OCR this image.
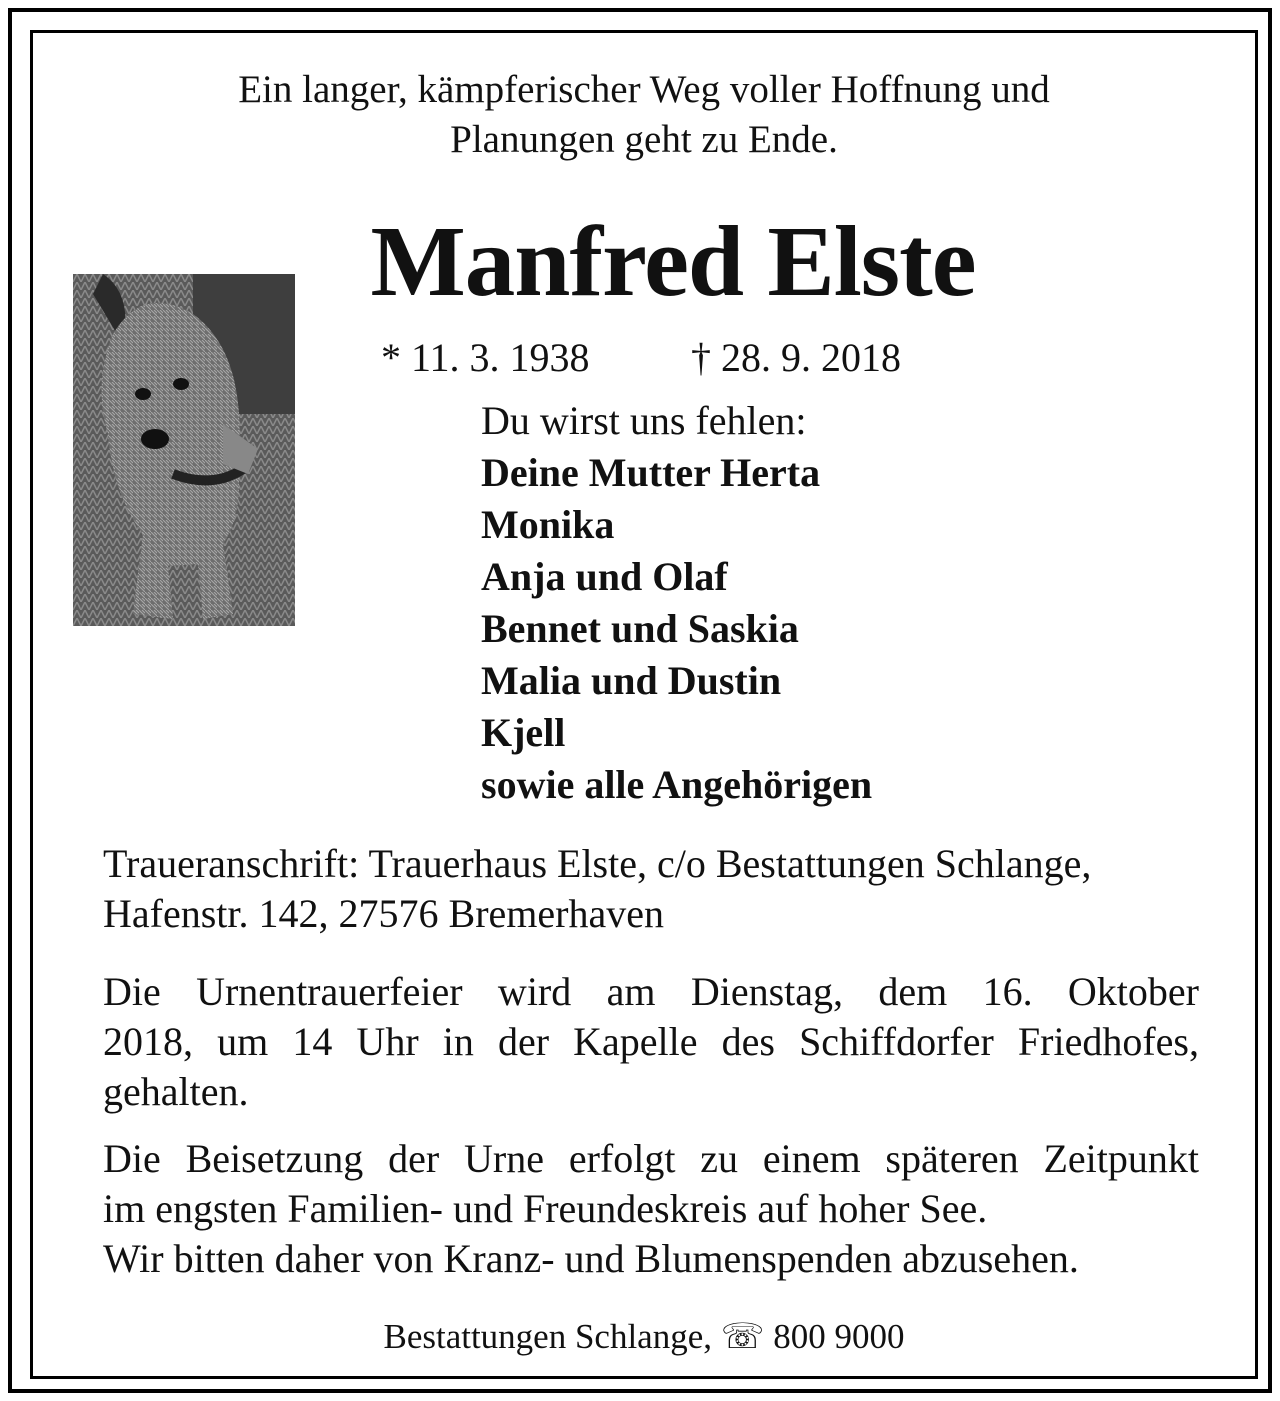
Ein langer, kämpferischer Weg voller Hoffnung und
Planungen geht zu Ende.
Manfred Elste
* 11. 3. 1938	† 28. 9. 2018
Du wirst uns fehlen:
Deine Mutter Herta
Monika
Anja und Olaf
Bennet und Saskia
Malia und Dustin
Kjell
sowie alle Angehörigen
Traueranschrift: Trauerhaus Elste, c/o Bestattungen Schlange,
Hafenstr. 142, 27576 Bremerhaven
Die Urnentrauerfeier wird am Dienstag, dem 16. Oktober
2018, um 14 Uhr in der Kapelle des Schiffdorfer Friedhofes,
gehalten.
Die Beisetzung der Urne erfolgt zu einem späteren Zeitpunkt
im engsten Familien- und Freundeskreis auf hoher See.
Wir bitten daher von Kranz- und Blumenspenden abzusehen.
Bestattungen Schlange, ☏ 800 9000
